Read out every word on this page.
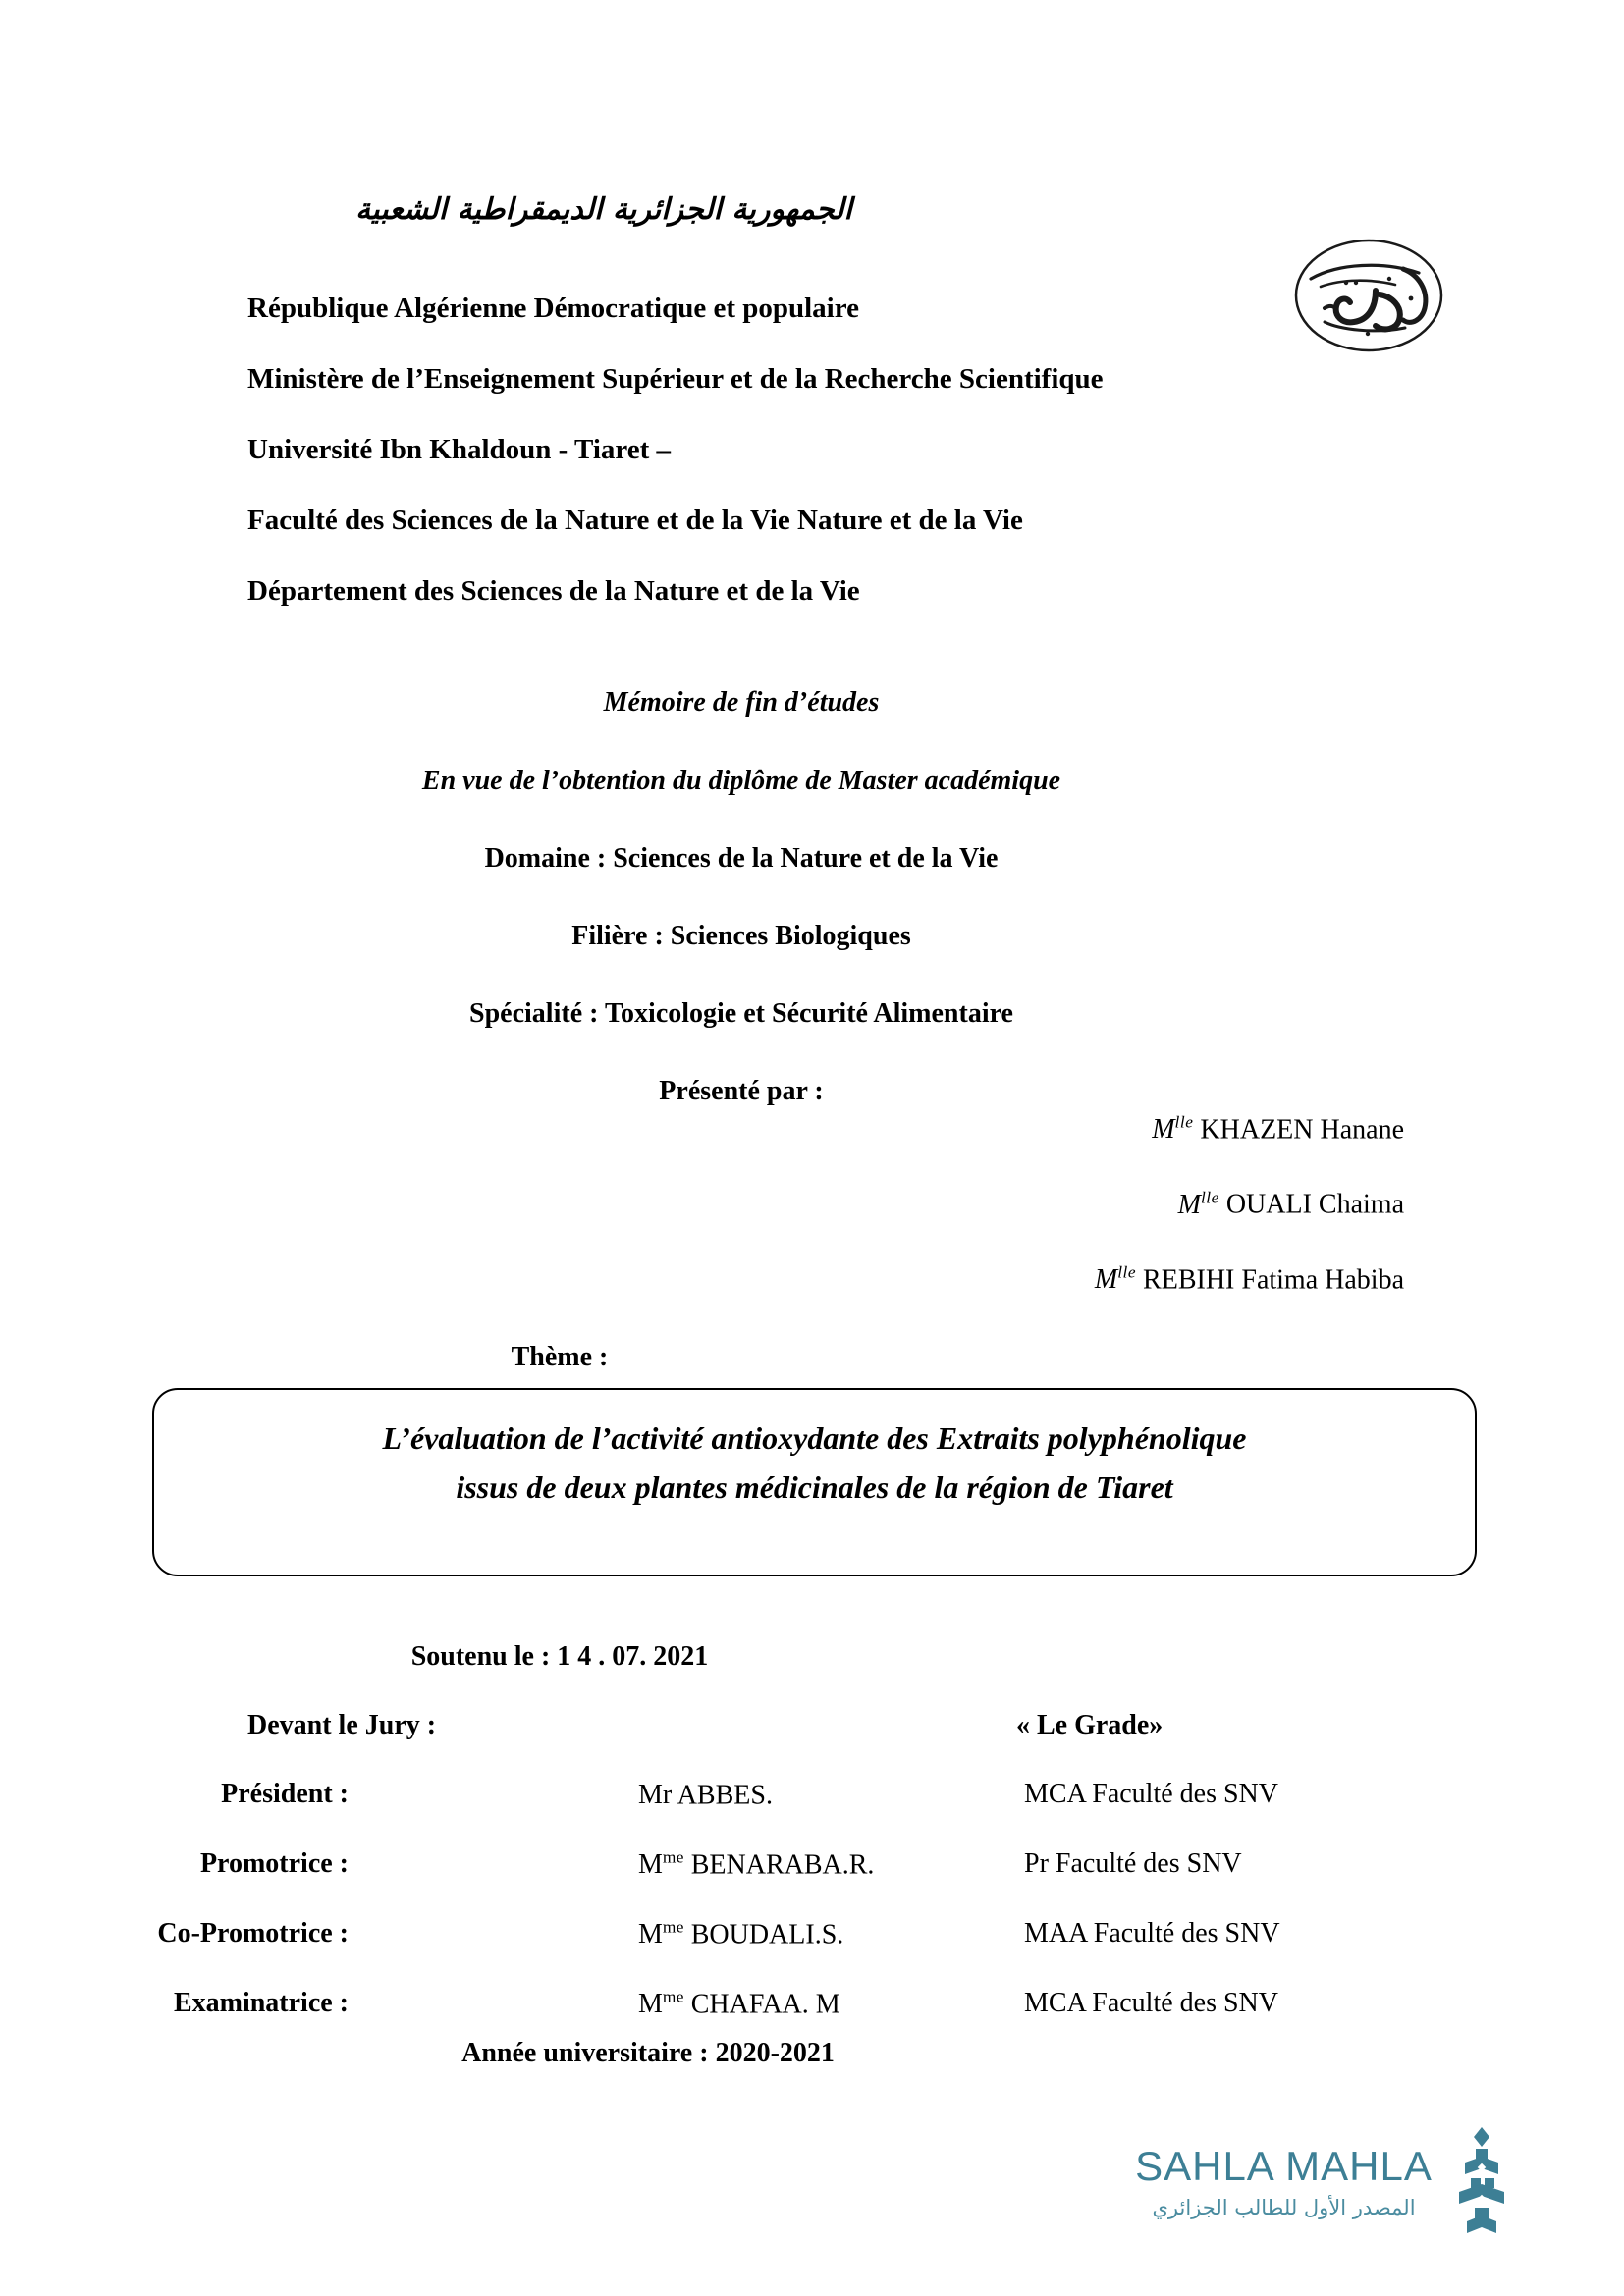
الجمهورية الجزائرية الديمقراطية الشعبية
République Algérienne Démocratique et populaire
Ministère de l’Enseignement Supérieur et de la Recherche Scientifique
Université Ibn Khaldoun - Tiaret –
Faculté des Sciences de la Nature et de la Vie Nature et de la Vie
Département des Sciences de la Nature et de la Vie
Mémoire de fin d’études
En vue de l’obtention du diplôme de Master académique
Domaine : Sciences de la Nature et de la Vie
Filière : Sciences Biologiques
Spécialité : Toxicologie et Sécurité Alimentaire
Présenté par :
$M^{lle}$ KHAZEN Hanane
$M^{lle}$ OUALI Chaima
$M^{lle}$ REBIHI Fatima Habiba
Thème :
L’évaluation de l’activité antioxydante des Extraits polyphénolique
issus de deux plantes médicinales de la région de Tiaret
Soutenu le : 1 4 . 07. 2021
Devant le Jury :	« Le Grade»
Président :	Mr ABBES.	MCA Faculté des SNV
Promotrice :	$M^{me}$ BENARABA.R.	Pr Faculté des SNV
Co-Promotrice :	$M^{me}$ BOUDALI.S.	MAA Faculté des SNV
Examinatrice :	$M^{me}$ CHAFAA. M	MCA Faculté des SNV
Année universitaire : 2020-2021
SAHLA MAHLA
المصدر الأول للطالب الجزائري
